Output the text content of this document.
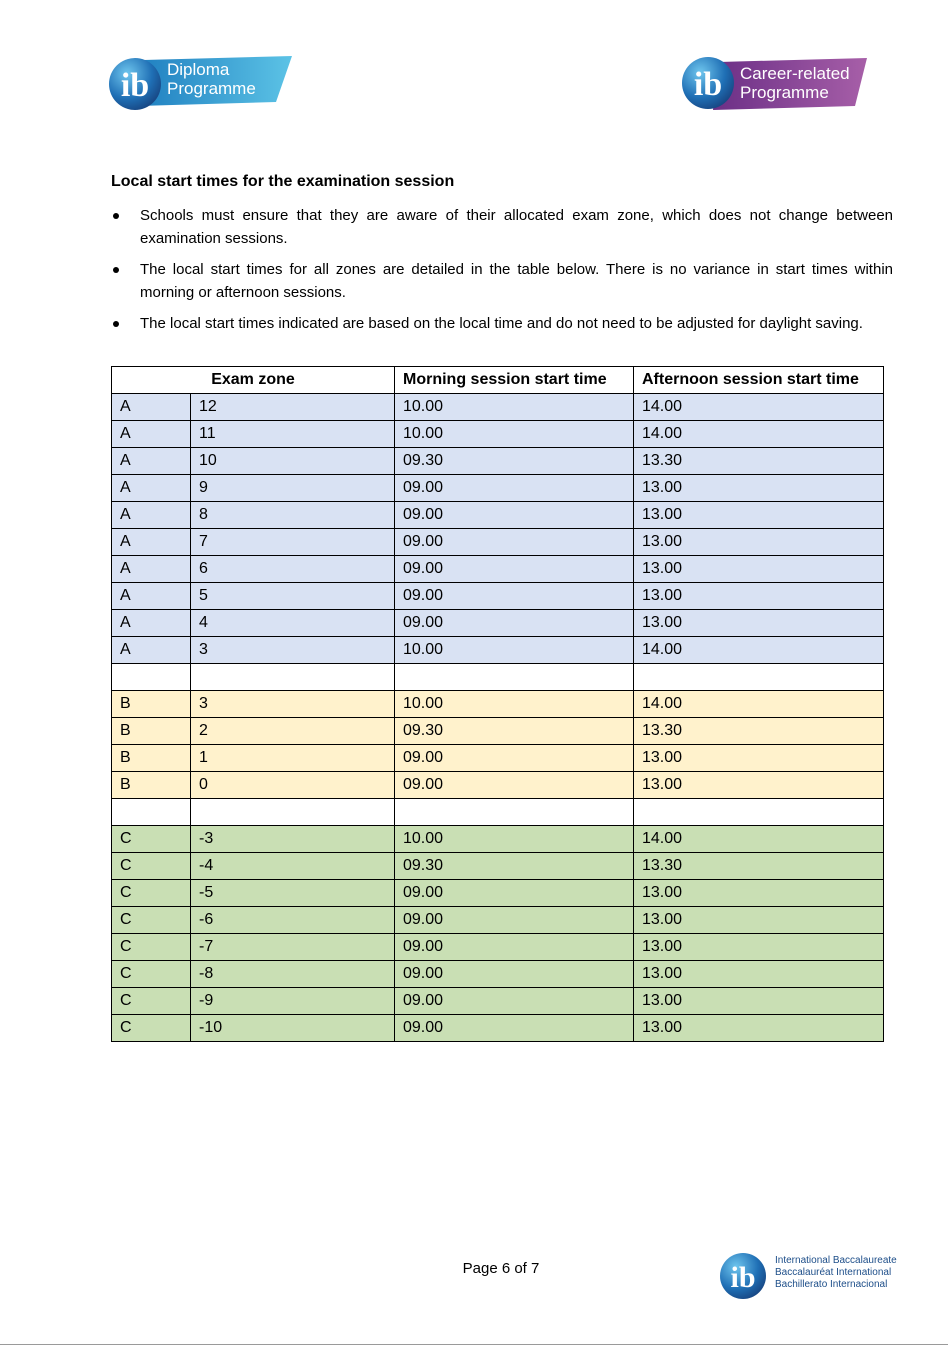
ib Diploma
Programme	ib Career-related
Programme
Local start times for the examination session
Schools must ensure that they are aware of their allocated exam zone, which does not change between examination sessions.
The local start times for all zones are detailed in the table below. There is no variance in start times within morning or afternoon sessions.
The local start times indicated are based on the local time and do not need to be adjusted for daylight saving.
Exam zone		Morning session start time	Afternoon session start time
A	12	10.00	14.00
A	11	10.00	14.00
A	10	09.30	13.30
A	9	09.00	13.00
A	8	09.00	13.00
A	7	09.00	13.00
A	6	09.00	13.00
A	5	09.00	13.00
A	4	09.00	13.00
A	3	10.00	14.00

B	3	10.00	14.00
B	2	09.30	13.30
B	1	09.00	13.00
B	0	09.00	13.00

C	-3	10.00	14.00
C	-4	09.30	13.30
C	-5	09.00	13.00
C	-6	09.00	13.00
C	-7	09.00	13.00
C	-8	09.00	13.00
C	-9	09.00	13.00
C	-10	09.00	13.00
Page 6 of 7	ib
International Baccalaureate
Baccalauréat International
Bachillerato Internacional
